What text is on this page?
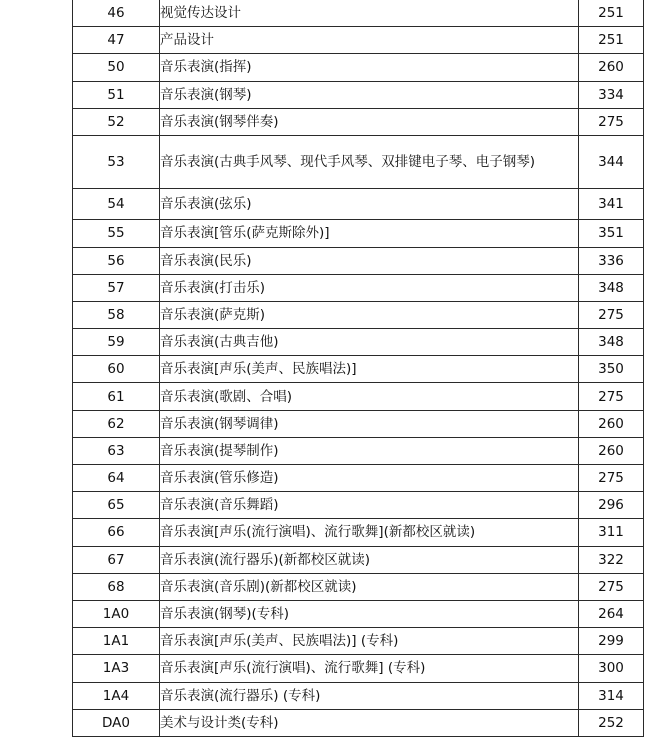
46	视觉传达设计	251
47	产品设计	251
50	音乐表演(指挥)	260
51	音乐表演(钢琴)	334
52	音乐表演(钢琴伴奏)	275
53	音乐表演(古典手风琴、现代手风琴、双排键电子琴、电子钢琴)	344
54	音乐表演(弦乐)	341
55	音乐表演[管乐(萨克斯除外)]	351
56	音乐表演(民乐)	336
57	音乐表演(打击乐)	348
58	音乐表演(萨克斯)	275
59	音乐表演(古典吉他)	348
60	音乐表演[声乐(美声、民族唱法)]	350
61	音乐表演(歌剧、合唱)	275
62	音乐表演(钢琴调律)	260
63	音乐表演(提琴制作)	260
64	音乐表演(管乐修造)	275
65	音乐表演(音乐舞蹈)	296
66	音乐表演[声乐(流行演唱)、流行歌舞](新都校区就读)	311
67	音乐表演(流行器乐)(新都校区就读)	322
68	音乐表演(音乐剧)(新都校区就读)	275
1A0	音乐表演(钢琴)(专科)	264
1A1	音乐表演[声乐(美声、民族唱法)] (专科)	299
1A3	音乐表演[声乐(流行演唱)、流行歌舞] (专科)	300
1A4	音乐表演(流行器乐) (专科)	314
DA0	美术与设计类(专科)	252
